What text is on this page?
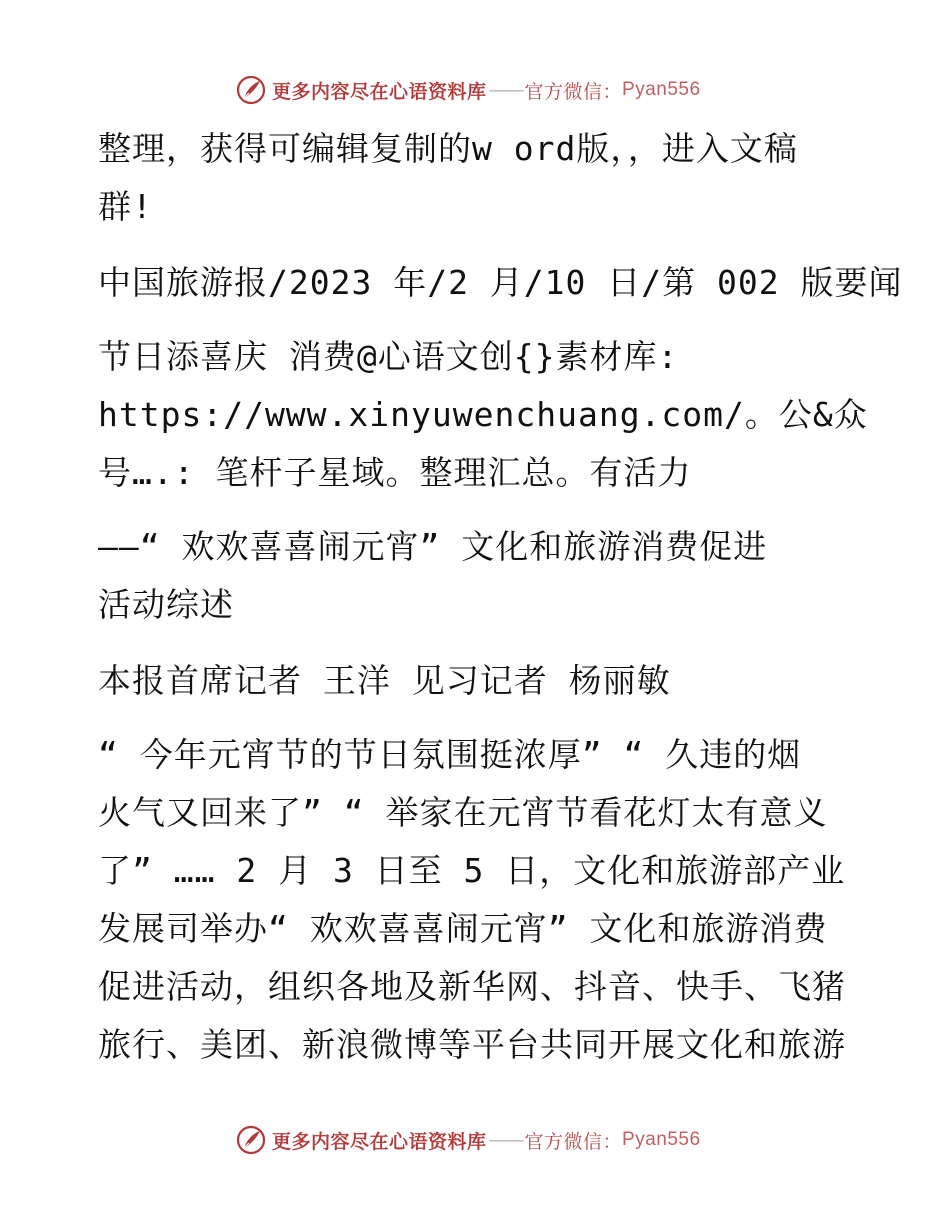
更多内容尽在心语资料库 —— 官方微信： Pyan556
整理，获得可编辑复制的w ord版，，进入文稿
群!
中国旅游报/2023 年/2 月/10 日/第 002 版要闻
节日添喜庆 消费@心语文创{}素材库:
https://www.xinyuwenchuang.com/。公&众
号….: 笔杆子星域。整理汇总。有活力
——“ 欢欢喜喜闹元宵” 文化和旅游消费促进
活动综述
本报首席记者 王洋 见习记者 杨丽敏
“ 今年元宵节的节日氛围挺浓厚” “ 久违的烟
火气又回来了” “ 举家在元宵节看花灯太有意义
了” …… 2 月 3 日至 5 日，文化和旅游部产业
发展司举办“ 欢欢喜喜闹元宵” 文化和旅游消费
促进活动，组织各地及新华网、抖音、快手、飞猪
旅行、美团、新浪微博等平台共同开展文化和旅游
更多内容尽在心语资料库 —— 官方微信： Pyan556
